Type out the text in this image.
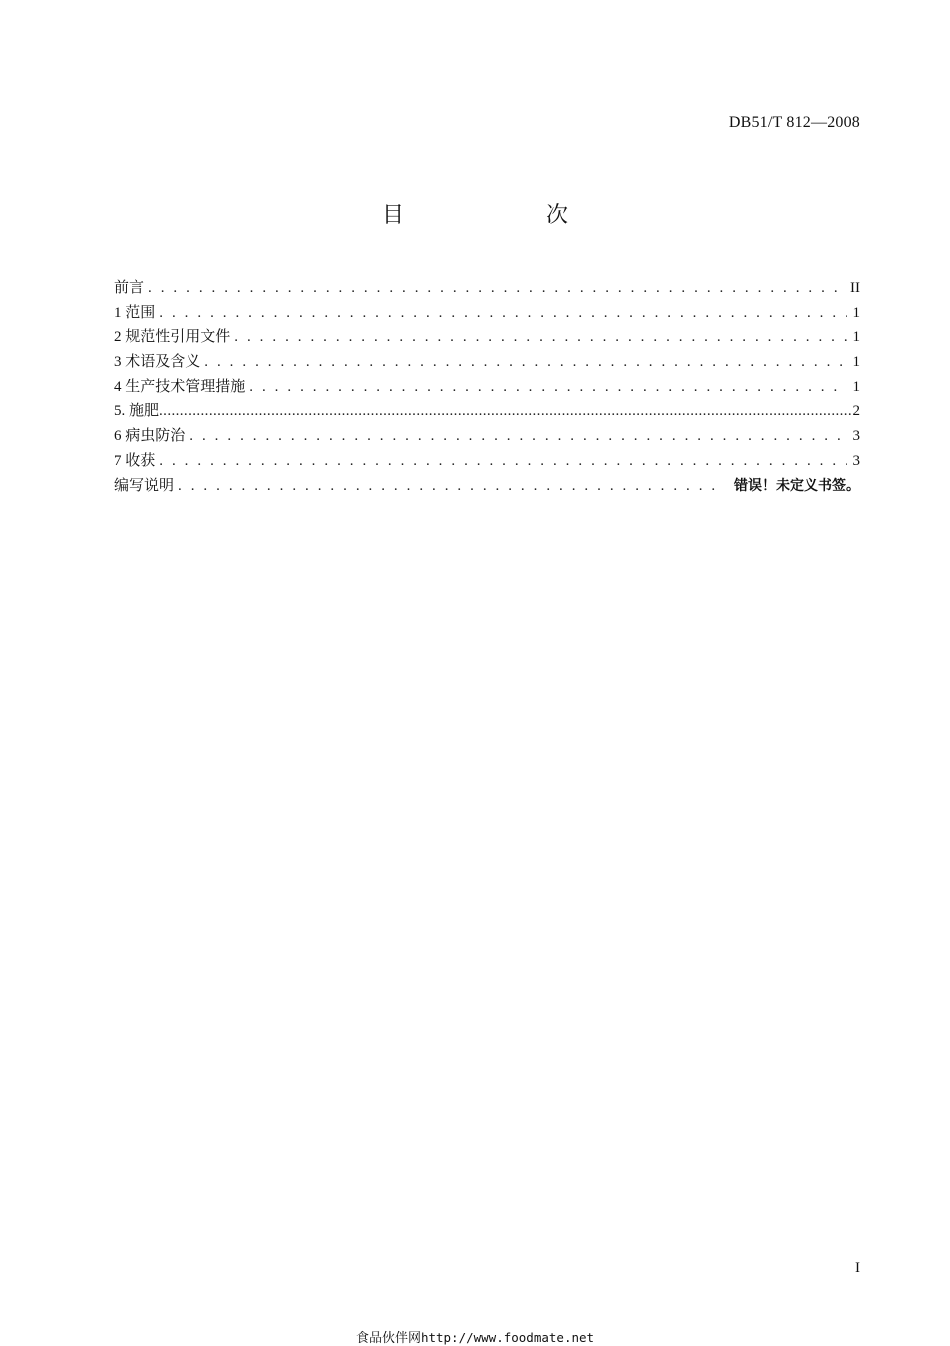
DB51/T 812—2008
目　次
前言 . . .	II
1 范围 . . .	1
2 规范性引用文件 . . .	1
3 术语及含义 . . .	1
4 生产技术管理措施 . . .	1
5. 施肥 .....	2
6 病虫防治 . . .	3
7 收获 . . .	3
编写说明 . . .	错误！未定义书签。
I
食品伙伴网http://www.foodmate.net
